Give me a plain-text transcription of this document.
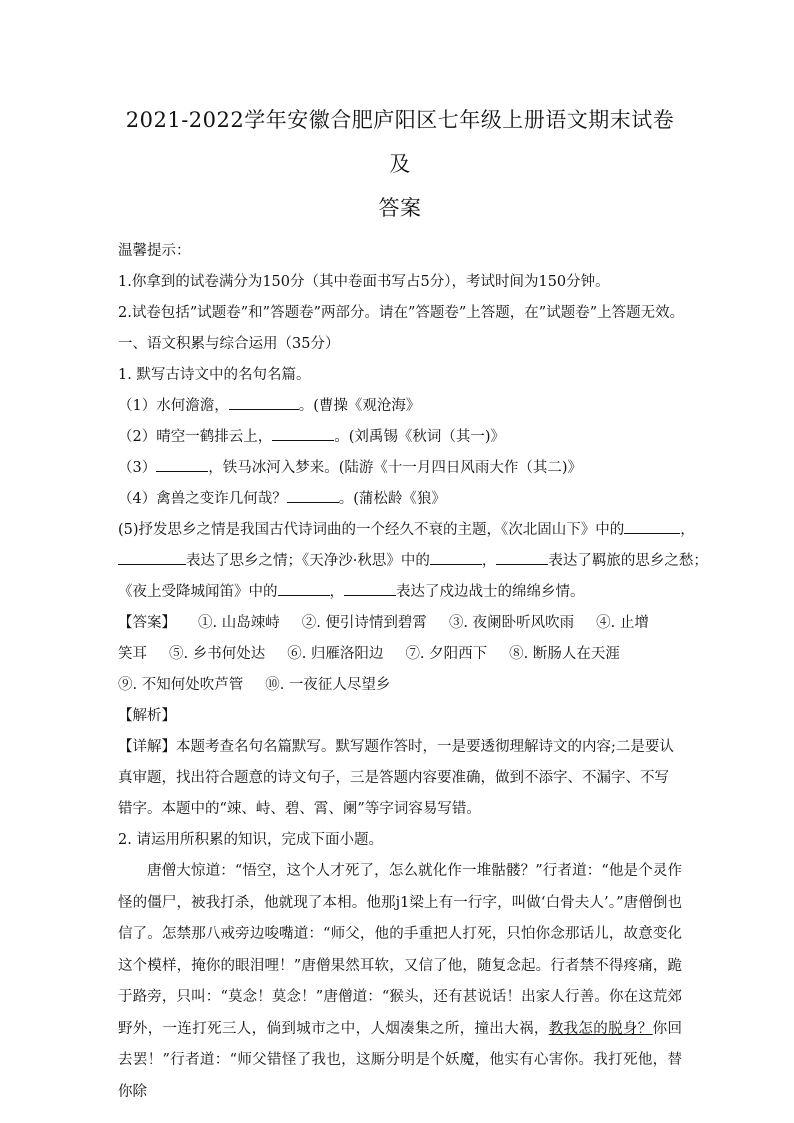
2021-2022学年安徽合肥庐阳区七年级上册语文期末试卷及
答案
温馨提示：
1.你拿到的试卷满分为150分（其中卷面书写占5分），考试时间为150分钟。
2.试卷包括”试题卷”和”答题卷”两部分。请在”答题卷”上答题，在”试题卷”上答题无效。
一、语文积累与综合运用（35分）
1. 默写古诗文中的名句名篇。
（1）水何澹澹，	。(曹操《观沧海》
（2）晴空一鹤排云上，	。(刘禹锡《秋词（其一)》
（3）	，铁马冰河入梦来。(陆游《十一月四日风雨大作（其二)》
（4）禽兽之变诈几何哉？	。(蒲松龄《狼》
(5)抒发思乡之情是我国古代诗词曲的一个经久不衰的主题，《次北固山下》中的	，
表达了思乡之情；《天净沙·秋思》中的	，	表达了羁旅的思乡之愁；
《夜上受降城闻笛》中的	，	表达了戍边战士的绵绵乡情。
【答案】 ①. 山岛竦峙 ②. 便引诗情到碧霄 ③. 夜阑卧听风吹雨 ④. 止增
笑耳 ⑤. 乡书何处达 ⑥. 归雁洛阳边 ⑦. 夕阳西下 ⑧. 断肠人在天涯
⑨. 不知何处吹芦管 ⑩. 一夜征人尽望乡
【解析】
【详解】本题考查名句名篇默写。默写题作答时，一是要透彻理解诗文的内容;二是要认真审题，找出符合题意的诗文句子，三是答题内容要准确，做到不添字、不漏字、不写错字。本题中的“竦、峙、碧、霄、阑”等字词容易写错。
2. 请运用所积累的知识，完成下面小题。
唐僧大惊道：“悟空，这个人才死了，怎么就化作一堆骷髅？”行者道：“他是个灵作怪的僵尸，被我打杀，他就现了本相。他那j1梁上有一行字，叫做‘白骨夫人’。”唐僧倒也信了。怎禁那八戒旁边唆嘴道：“师父，他的手重把人打死，只怕你念那话儿，故意变化这个模样，掩你的眼泪哩！”唐僧果然耳软，又信了他，随复念起。行者禁不得疼痛，跪于路旁，只叫：“莫念！莫念！”唐僧道：“猴头，还有甚说话！出家人行善。你在这荒郊野外，一连打死三人，倘到城市之中，人烟凑集之所，撞出大祸，教我怎的脱身？你回去罢！”行者道：“师父错怪了我也，这厮分明是个妖魔，他实有心害你。我打死他，替你除
